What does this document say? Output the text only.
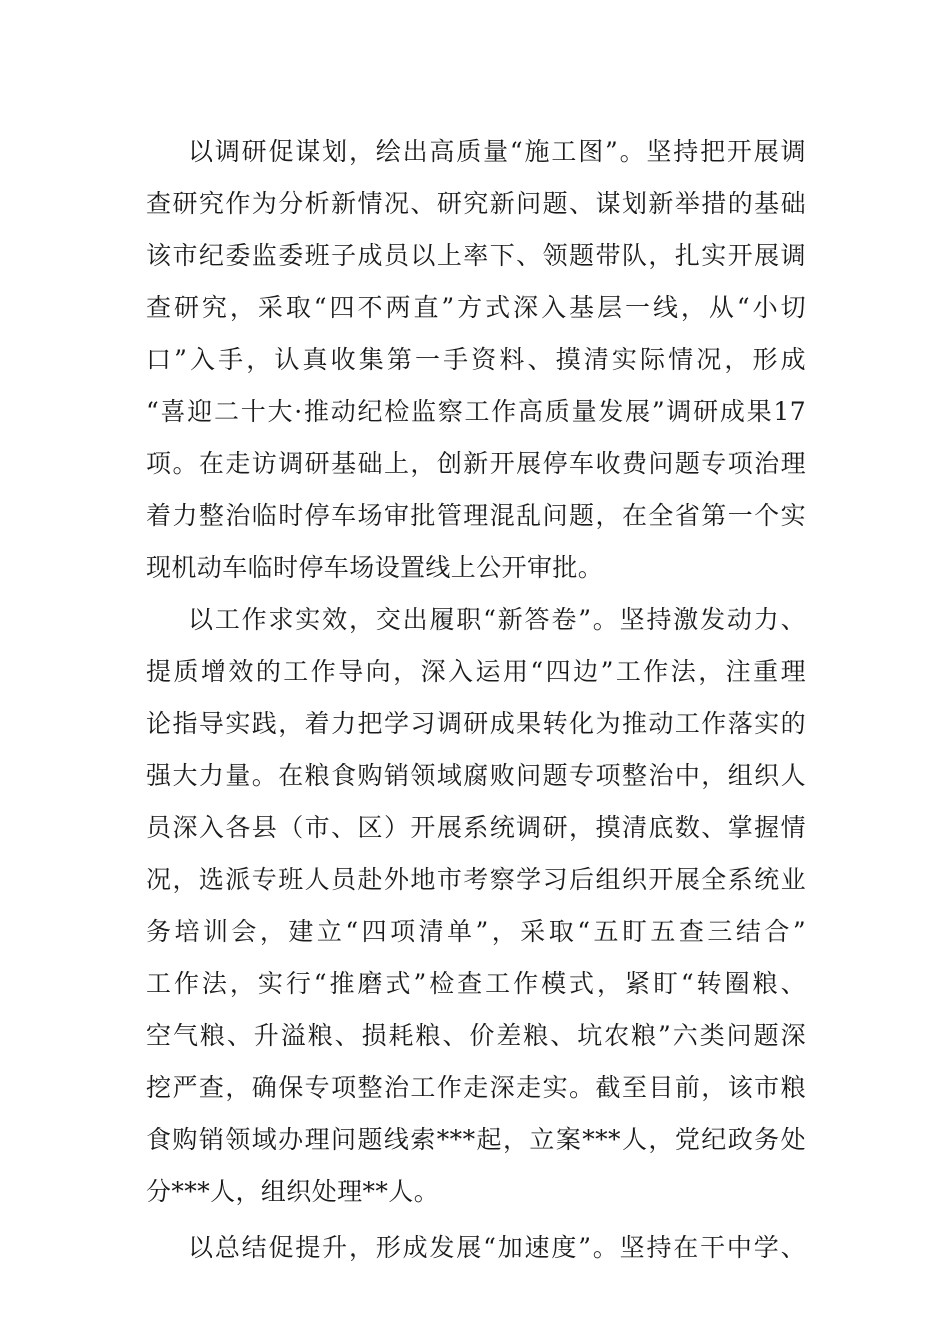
以调研促谋划，绘出高质量“施工图”。坚持把开展调
查研究作为分析新情况、研究新问题、谋划新举措的基础
该市纪委监委班子成员以上率下、领题带队，扎实开展调
查研究，采取“四不两直”方式深入基层一线，从“小切
口”入手，认真收集第一手资料、摸清实际情况，形成
“喜迎二十大·推动纪检监察工作高质量发展”调研成果17
项。在走访调研基础上，创新开展停车收费问题专项治理
着力整治临时停车场审批管理混乱问题，在全省第一个实
现机动车临时停车场设置线上公开审批。
以工作求实效，交出履职“新答卷”。坚持激发动力、
提质增效的工作导向，深入运用“四边”工作法，注重理
论指导实践，着力把学习调研成果转化为推动工作落实的
强大力量。在粮食购销领域腐败问题专项整治中，组织人
员深入各县（市、区）开展系统调研，摸清底数、掌握情
况，选派专班人员赴外地市考察学习后组织开展全系统业
务培训会，建立“四项清单”，采取“五盯五查三结合”
工作法，实行“推磨式”检查工作模式，紧盯“转圈粮、
空气粮、升溢粮、损耗粮、价差粮、坑农粮”六类问题深
挖严查，确保专项整治工作走深走实。截至目前，该市粮
食购销领域办理问题线索***起，立案***人，党纪政务处
分***人，组织处理**人。
以总结促提升，形成发展“加速度”。坚持在干中学、
